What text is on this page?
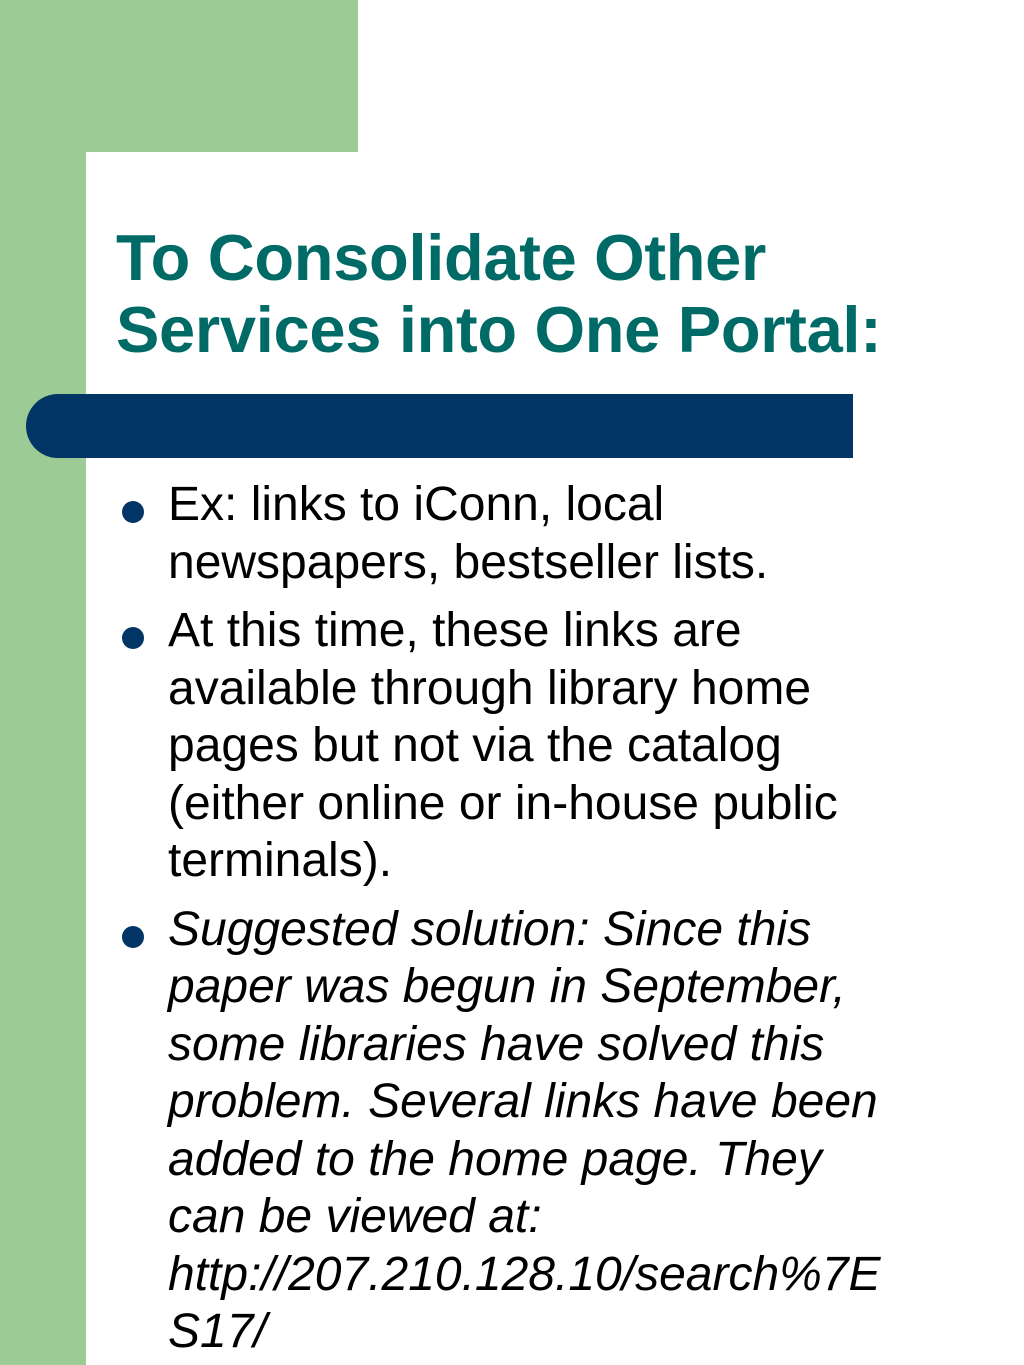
To Consolidate Other
Services into One Portal:
Ex: links to iConn, local
newspapers, bestseller lists.
At this time, these links are
available through library home
pages but not via the catalog
(either online or in-house public
terminals).
Suggested solution: Since this
paper was begun in September,
some libraries have solved this
problem. Several links have been
added to the home page. They
can be viewed at:
http://207.210.128.10/search%7E
S17/
